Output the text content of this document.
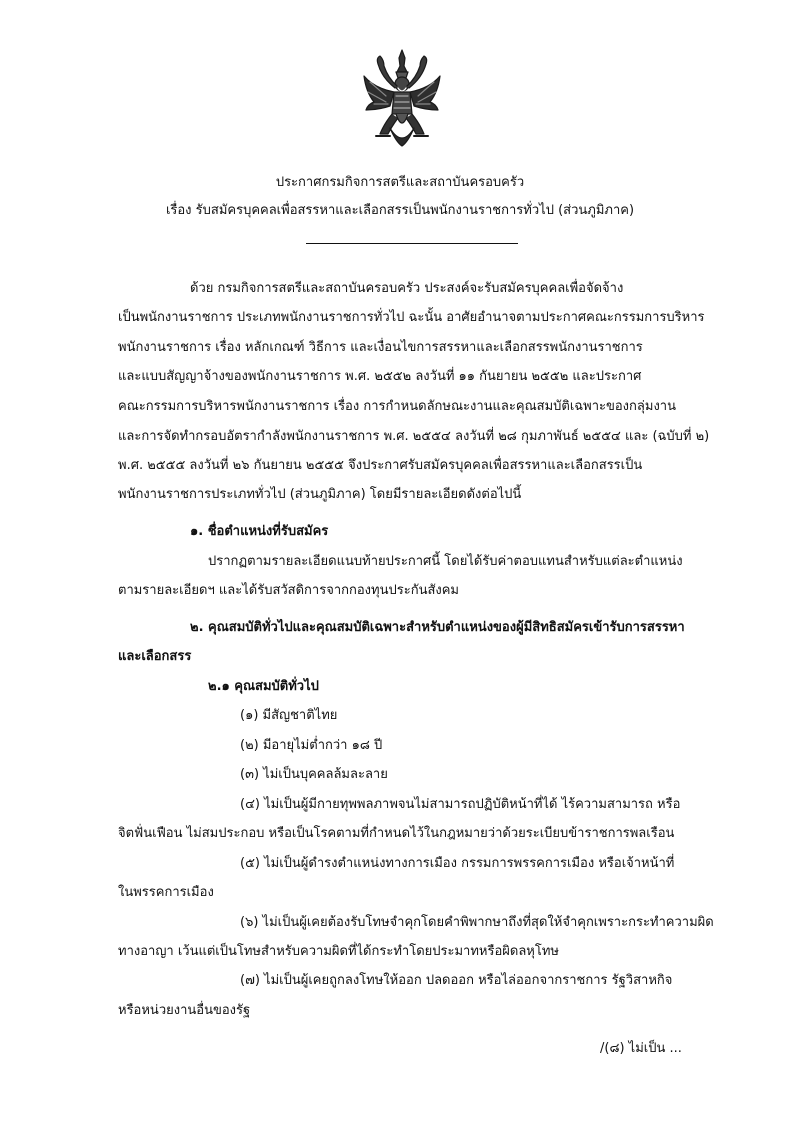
ประกาศกรมกิจการสตรีและสถาบันครอบครัว
เรื่อง รับสมัครบุคคลเพื่อสรรหาและเลือกสรรเป็นพนักงานราชการทั่วไป (ส่วนภูมิภาค)
ด้วย กรมกิจการสตรีและสถาบันครอบครัว ประสงค์จะรับสมัครบุคคลเพื่อจัดจ้าง
เป็นพนักงานราชการ ประเภทพนักงานราชการทั่วไป ฉะนั้น อาศัยอำนาจตามประกาศคณะกรรมการบริหาร
พนักงานราชการ เรื่อง หลักเกณฑ์ วิธีการ และเงื่อนไขการสรรหาและเลือกสรรพนักงานราชการ
และแบบสัญญาจ้างของพนักงานราชการ พ.ศ. ๒๕๕๒ ลงวันที่ ๑๑ กันยายน ๒๕๕๒ และประกาศ
คณะกรรมการบริหารพนักงานราชการ เรื่อง การกำหนดลักษณะงานและคุณสมบัติเฉพาะของกลุ่มงาน
และการจัดทำกรอบอัตรากำลังพนักงานราชการ พ.ศ. ๒๕๕๔ ลงวันที่ ๒๘ กุมภาพันธ์ ๒๕๕๔ และ (ฉบับที่ ๒)
พ.ศ. ๒๕๕๕ ลงวันที่ ๒๖ กันยายน ๒๕๕๕ จึงประกาศรับสมัครบุคคลเพื่อสรรหาและเลือกสรรเป็น
พนักงานราชการประเภททั่วไป (ส่วนภูมิภาค) โดยมีรายละเอียดดังต่อไปนี้
๑. ชื่อตำแหน่งที่รับสมัคร
ปรากฏตามรายละเอียดแนบท้ายประกาศนี้ โดยได้รับค่าตอบแทนสำหรับแต่ละตำแหน่ง
ตามรายละเอียดฯ และได้รับสวัสดิการจากกองทุนประกันสังคม
๒. คุณสมบัติทั่วไปและคุณสมบัติเฉพาะสำหรับตำแหน่งของผู้มีสิทธิสมัครเข้ารับการสรรหา
และเลือกสรร
๒.๑ คุณสมบัติทั่วไป
(๑) มีสัญชาติไทย
(๒) มีอายุไม่ต่ำกว่า ๑๘ ปี
(๓) ไม่เป็นบุคคลล้มละลาย
(๔) ไม่เป็นผู้มีกายทุพพลภาพจนไม่สามารถปฏิบัติหน้าที่ได้ ไร้ความสามารถ หรือ
จิตฟั่นเฟือน ไม่สมประกอบ หรือเป็นโรคตามที่กำหนดไว้ในกฎหมายว่าด้วยระเบียบข้าราชการพลเรือน
(๕) ไม่เป็นผู้ดำรงตำแหน่งทางการเมือง กรรมการพรรคการเมือง หรือเจ้าหน้าที่
ในพรรคการเมือง
(๖) ไม่เป็นผู้เคยต้องรับโทษจำคุกโดยคำพิพากษาถึงที่สุดให้จำคุกเพราะกระทำความผิด
ทางอาญา เว้นแต่เป็นโทษสำหรับความผิดที่ได้กระทำโดยประมาทหรือผิดลหุโทษ
(๗) ไม่เป็นผู้เคยถูกลงโทษให้ออก ปลดออก หรือไล่ออกจากราชการ รัฐวิสาหกิจ
หรือหน่วยงานอื่นของรัฐ
/(๘) ไม่เป็น ...
